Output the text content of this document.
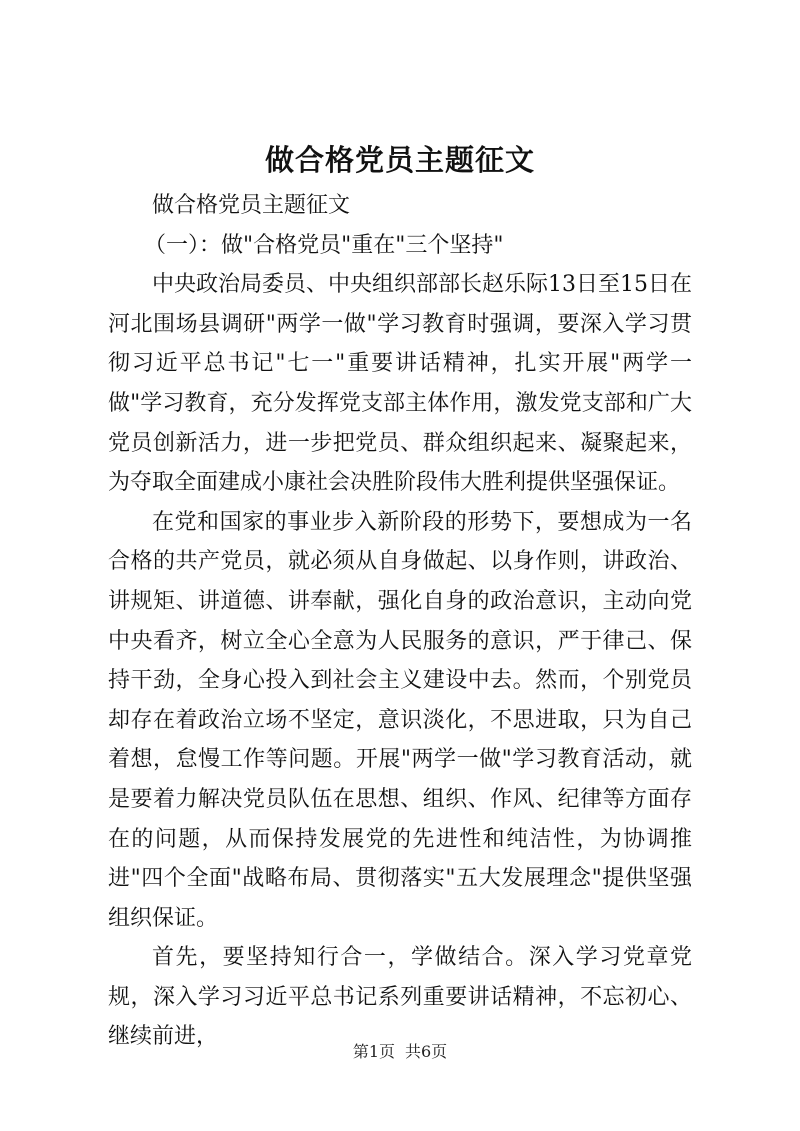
做合格党员主题征文

做合格党员主题征文

（一）：做"合格党员"重在"三个坚持"

中央政治局委员、中央组织部部长赵乐际13日至15日在河北围场县调研"两学一做"学习教育时强调，要深入学习贯彻习近平总书记"七一"重要讲话精神，扎实开展"两学一做"学习教育，充分发挥党支部主体作用，激发党支部和广大党员创新活力，进一步把党员、群众组织起来、凝聚起来，为夺取全面建成小康社会决胜阶段伟大胜利提供坚强保证。

在党和国家的事业步入新阶段的形势下，要想成为一名合格的共产党员，就必须从自身做起、以身作则，讲政治、讲规矩、讲道德、讲奉献，强化自身的政治意识，主动向党中央看齐，树立全心全意为人民服务的意识，严于律己、保持干劲，全身心投入到社会主义建设中去。然而，个别党员却存在着政治立场不坚定，意识淡化，不思进取，只为自己着想，怠慢工作等问题。开展"两学一做"学习教育活动，就是要着力解决党员队伍在思想、组织、作风、纪律等方面存在的问题，从而保持发展党的先进性和纯洁性，为协调推进"四个全面"战略布局、贯彻落实"五大发展理念"提供坚强组织保证。

首先，要坚持知行合一，学做结合。深入学习党章党规，深入学习习近平总书记系列重要讲话精神，不忘初心、继续前进，

第1页 共6页
